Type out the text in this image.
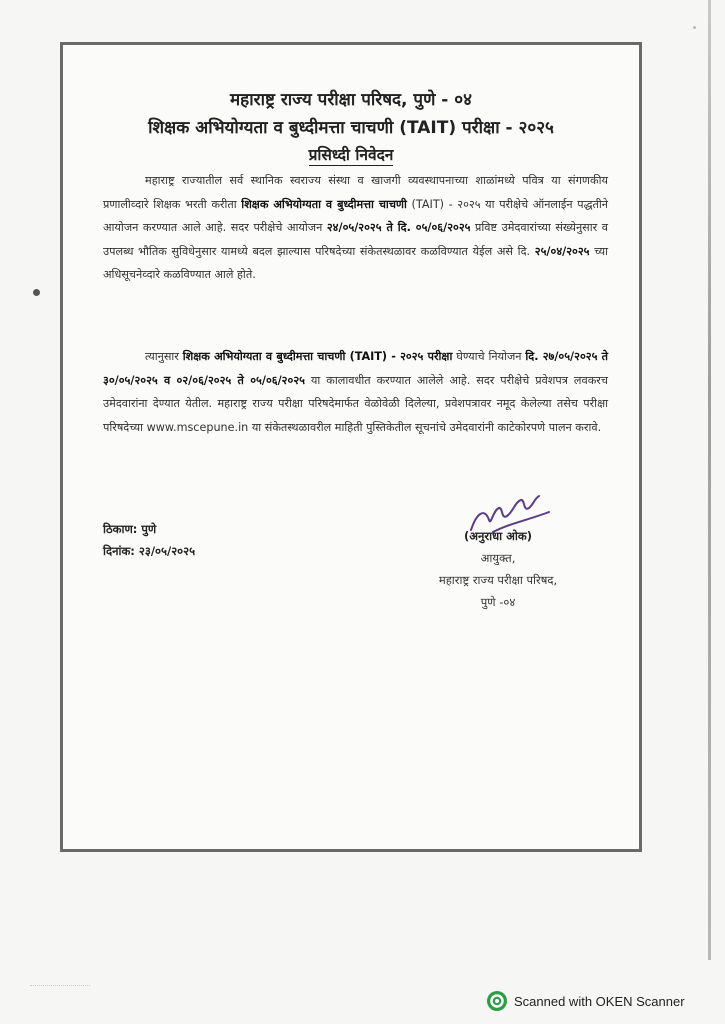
महाराष्ट्र राज्य परीक्षा परिषद, पुणे - ०४
शिक्षक अभियोग्यता व बुध्दीमत्ता चाचणी (TAIT) परीक्षा - २०२५
प्रसिध्दी निवेदन
महाराष्ट्र राज्यातील सर्व स्थानिक स्वराज्य संस्था व खाजगी व्यवस्थापनाच्या शाळांमध्ये पवित्र या संगणकीय प्रणालीव्दारे शिक्षक भरती करीता शिक्षक अभियोग्यता व बुध्दीमत्ता चाचणी (TAIT) - २०२५ या परीक्षेचे ऑनलाईन पद्धतीने आयोजन करण्यात आले आहे. सदर परीक्षेचे आयोजन २४/०५/२०२५ ते दि. ०५/०६/२०२५ प्रविष्ट उमेदवारांच्या संख्येनुसार व उपलब्ध भौतिक सुविधेनुसार यामध्ये बदल झाल्यास परिषदेच्या संकेतस्थळावर कळविण्यात येईल असे दि. २५/०४/२०२५ च्या अधिसूचनेव्दारे कळविण्यात आले होते.
त्यानुसार शिक्षक अभियोग्यता व बुध्दीमत्ता चाचणी (TAIT) - २०२५ परीक्षा घेण्याचे नियोजन दि. २७/०५/२०२५ ते ३०/०५/२०२५ व ०२/०६/२०२५ ते ०५/०६/२०२५ या कालावधीत करण्यात आलेले आहे. सदर परीक्षेचे प्रवेशपत्र लवकरच उमेदवारांना देण्यात येतील. महाराष्ट्र राज्य परीक्षा परिषदेमार्फत वेळोवेळी दिलेल्या, प्रवेशपत्रावर नमूद केलेल्या तसेच परीक्षा परिषदेच्या www.mscepune.in या संकेतस्थळावरील माहिती पुस्तिकेतील सूचनांचे उमेदवारांनी काटेकोरपणे पालन करावे.
ठिकाण: पुणे
दिनांक: २३/०५/२०२५
(अनुराधा ओक)
आयुक्त,
महाराष्ट्र राज्य परीक्षा परिषद,
पुणे -०४
Scanned with OKEN Scanner
